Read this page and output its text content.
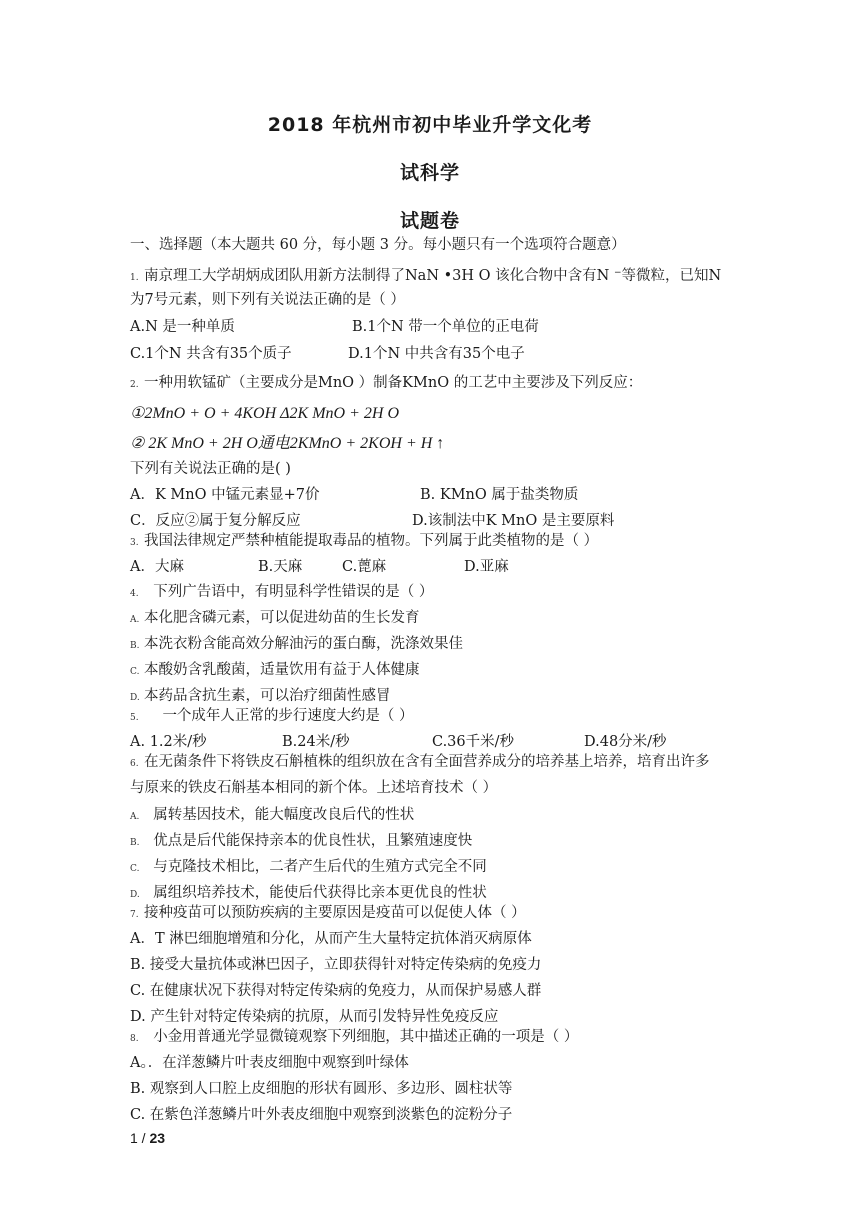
2018 年杭州市初中毕业升学文化考
试科学
试题卷
一、选择题（本大题共 60 分，每小题 3 分。每小题只有一个选项符合题意）
1. 南京理工大学胡炳成团队用新方法制得了NaN •3H O 该化合物中含有N −等微粒，已知N
为7号元素，则下列有关说法正确的是（ ）
A.N 是一种单质	B.1个N 带一个单位的正电荷
C.1个N 共含有35个质子	D.1个N 中共含有35个电子
2. 一种用软锰矿（主要成分是MnO ）制备KMnO 的工艺中主要涉及下列反应：
①2MnO + O + 4KOH Δ2K MnO + 2H O
② 2K MnO + 2H O通电2KMnO + 2KOH + H ↑
下列有关说法正确的是( )
A．K MnO 中锰元素显+7价	B. KMnO 属于盐类物质
C．反应②属于复分解反应	D.该制法中K MnO 是主要原料
3. 我国法律规定严禁种植能提取毒品的植物。下列属于此类植物的是（ ）
A．大麻	B.天麻	C.蓖麻	D.亚麻
4. 下列广告语中，有明显科学性错误的是（ ）
A. 本化肥含磷元素，可以促进幼苗的生长发育
B. 本洗衣粉含能高效分解油污的蛋白酶，洗涤效果佳
C. 本酸奶含乳酸菌，适量饮用有益于人体健康
D. 本药品含抗生素，可以治疗细菌性感冒
5. 一个成年人正常的步行速度大约是（ ）
A. 1.2米/秒	B.24米/秒	C.36千米/秒	D.48分米/秒
6. 在无菌条件下将铁皮石斛植株的组织放在含有全面营养成分的培养基上培养，培育出许多
与原来的铁皮石斛基本相同的新个体。上述培育技术（ ）
A. 属转基因技术，能大幅度改良后代的性状
B. 优点是后代能保持亲本的优良性状，且繁殖速度快
C. 与克隆技术相比，二者产生后代的生殖方式完全不同
D. 属组织培养技术，能使后代获得比亲本更优良的性状
7. 接种疫苗可以预防疾病的主要原因是疫苗可以促使人体（ ）
A．T 淋巴细胞增殖和分化，从而产生大量特定抗体消灭病原体
B. 接受大量抗体或淋巴因子，立即获得针对特定传染病的免疫力
C. 在健康状况下获得对特定传染病的免疫力，从而保护易感人群
D. 产生针对特定传染病的抗原，从而引发特异性免疫反应
8. 小金用普通光学显微镜观察下列细胞，其中描述正确的一项是（ ）
A。．在洋葱鳞片叶表皮细胞中观察到叶绿体
B. 观察到人口腔上皮细胞的形状有圆形、多边形、圆柱状等
C. 在紫色洋葱鳞片叶外表皮细胞中观察到淡紫色的淀粉分子
1 / 23
